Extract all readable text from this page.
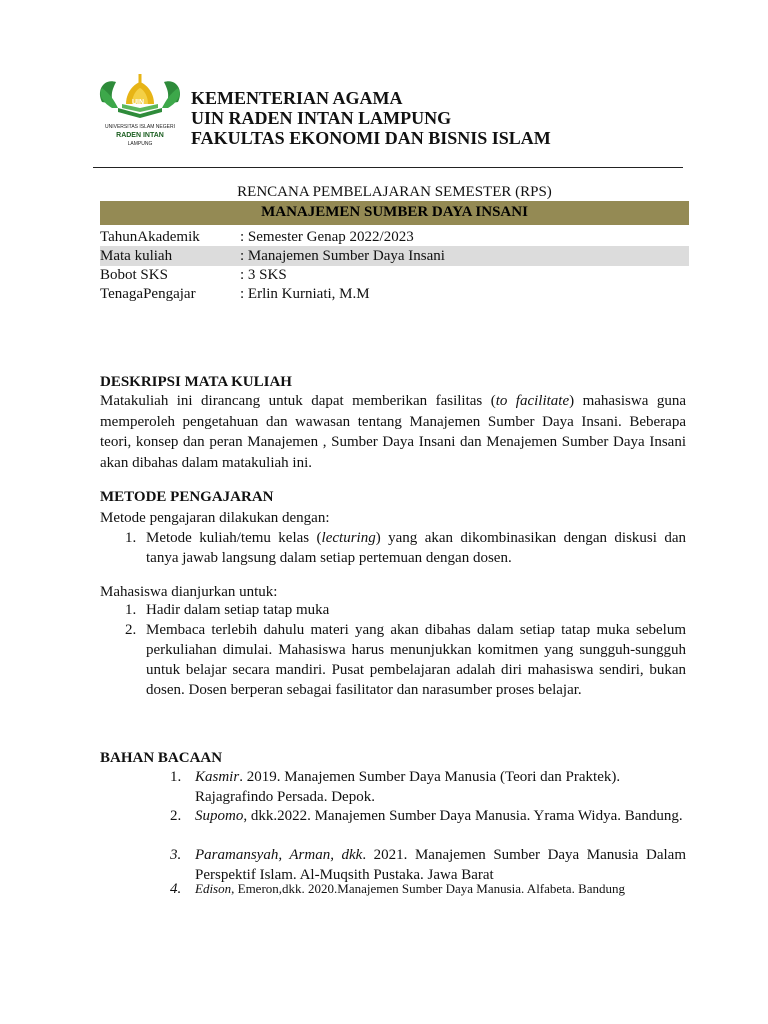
UIN
UNIVERSITAS ISLAM NEGERI
RADEN INTAN
LAMPUNG
KEMENTERIAN AGAMA
UIN RADEN INTAN LAMPUNG
FAKULTAS EKONOMI DAN BISNIS ISLAM
RENCANA PEMBELAJARAN SEMESTER (RPS)
MANAJEMEN SUMBER DAYA INSANI
TahunAkademik	: Semester Genap 2022/2023
Mata kuliah	: Manajemen Sumber Daya Insani
Bobot SKS	: 3 SKS
TenagaPengajar	: Erlin Kurniati, M.M
DESKRIPSI MATA KULIAH
Matakuliah ini dirancang untuk dapat memberikan fasilitas (to facilitate) mahasiswa guna memperoleh pengetahuan dan wawasan tentang Manajemen Sumber Daya Insani. Beberapa teori, konsep dan peran Manajemen , Sumber Daya Insani dan Menajemen Sumber Daya Insani akan dibahas dalam matakuliah ini.
METODE PENGAJARAN
Metode pengajaran dilakukan dengan:
1. Metode kuliah/temu kelas (lecturing) yang akan dikombinasikan dengan diskusi dan tanya jawab langsung dalam setiap pertemuan dengan dosen.
Mahasiswa dianjurkan untuk:
1. Hadir dalam setiap tatap muka
2. Membaca terlebih dahulu materi yang akan dibahas dalam setiap tatap muka sebelum perkuliahan dimulai. Mahasiswa harus menunjukkan komitmen yang sungguh-sungguh untuk belajar secara mandiri. Pusat pembelajaran adalah diri mahasiswa sendiri, bukan dosen. Dosen berperan sebagai fasilitator dan narasumber proses belajar.
BAHAN BACAAN
1. Kasmir. 2019. Manajemen Sumber Daya Manusia (Teori dan Praktek). Rajagrafindo Persada. Depok.
2. Supomo, dkk.2022. Manajemen Sumber Daya Manusia. Yrama Widya. Bandung.
3. Paramansyah, Arman, dkk. 2021. Manajemen Sumber Daya Manusia Dalam Perspektif Islam. Al-Muqsith Pustaka. Jawa Barat
4. Edison, Emeron,dkk. 2020.Manajemen Sumber Daya Manusia. Alfabeta. Bandung
